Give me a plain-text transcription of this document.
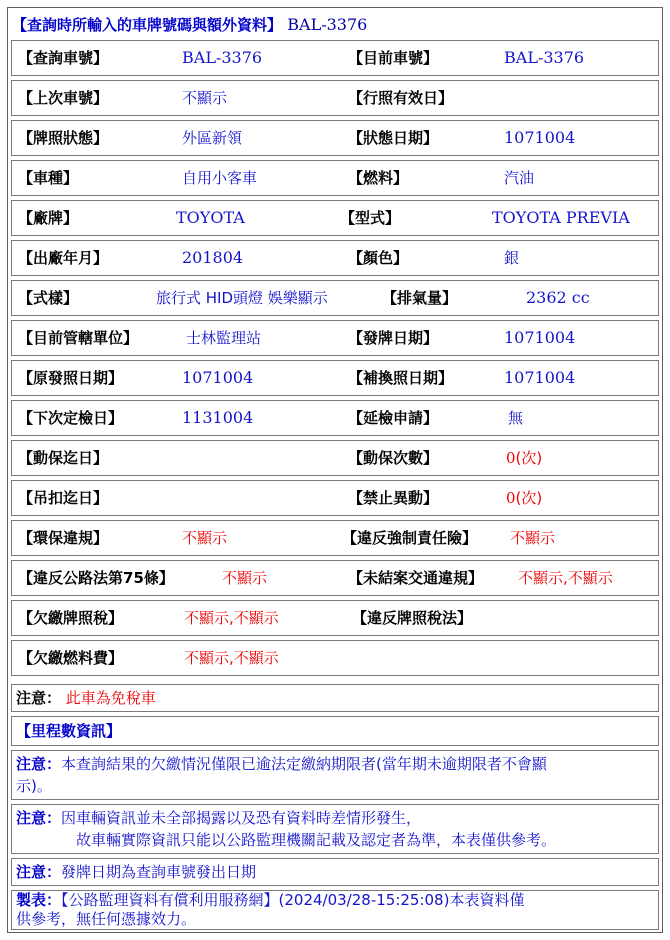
【查詢時所輸入的車牌號碼與額外資料】 BAL-3376
【查詢車號】	BAL-3376	【目前車號】	BAL-3376
【上次車號】	不顯示	【行照有效日】
【牌照狀態】	外區新領	【狀態日期】	1071004
【車種】	自用小客車	【燃料】	汽油
【廠牌】	TOYOTA	【型式】	TOYOTA PREVIA
【出廠年月】	201804	【顏色】	銀
【式樣】	旅行式 HID頭燈 娛樂顯示	【排氣量】	2362 cc
【目前管轄單位】	士林監理站	【發牌日期】	1071004
【原發照日期】	1071004	【補換照日期】	1071004
【下次定檢日】	1131004	【延檢申請】	無
【動保迄日】	【動保次數】	0(次)
【吊扣迄日】	【禁止異動】	0(次)
【環保違規】	不顯示	【違反強制責任險】 不顯示
【違反公路法第75條】	不顯示	【未結案交通違規】 不顯示,不顯示
【欠繳牌照稅】	不顯示,不顯示	【違反牌照稅法】
【欠繳燃料費】	不顯示,不顯示
注意： 此車為免稅車
【里程數資訊】
注意：本查詢結果的欠繳情況僅限已逾法定繳納期限者(當年期未逾期限者不會顯
示)。
注意：因車輛資訊並未全部揭露以及恐有資料時差情形發生，
故車輛實際資訊只能以公路監理機關記載及認定者為準，本表僅供參考。
注意：發牌日期為查詢車號發出日期
製表：【公路監理資料有償利用服務網】(2024/03/28-15:25:08)本表資料僅
供參考，無任何憑據效力。
